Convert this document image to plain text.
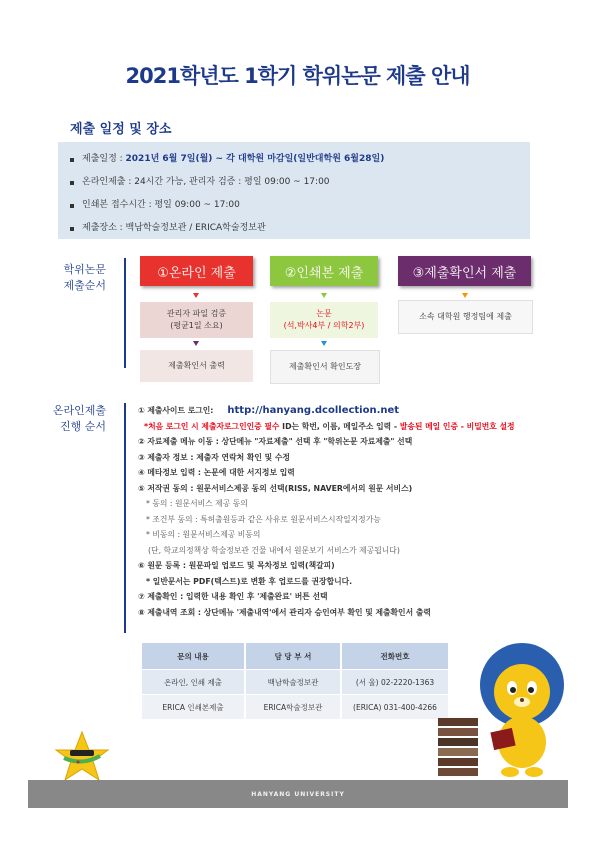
2021학년도 1학기 학위논문 제출 안내
제출 일정 및 장소
제출일정 : 2021년 6월 7일(월) ~ 각 대학원 마감일(일반대학원 6월28일)
온라인제출 : 24시간 가능, 관리자 검증 : 평일 09:00 ~ 17:00
인쇄본 접수시간 : 평일 09:00 ~ 17:00
제출장소 : 백남학술정보관 / ERICA학술정보관
학위논문
제출순서
①온라인 제출	②인쇄본 제출	③제출확인서 제출
관리자 파일 검증
(평균1일 소요)
논문
(석,박사4부 / 의학2부)
소속 대학원 행정팀에 제출
제출확인서 출력	제출확인서 확인도장
온라인제출
진행 순서
① 제출사이트 로그인: http://hanyang.dcollection.net
*처음 로그인 시 제출자로그인인증 필수 ID는 학번, 이름, 메일주소 입력 - 발송된 메일 인증 - 비밀번호 설정
② 자료제출 메뉴 이동 : 상단메뉴 "자료제출" 선택 후 "학위논문 자료제출" 선택
③ 제출자 정보 : 제출자 연락처 확인 및 수정
④ 메타정보 입력 : 논문에 대한 서지정보 입력
⑤ 저작권 동의 : 원문서비스제공 동의 선택(RISS, NAVER에서의 원문 서비스)
* 동의 : 원문서비스 제공 동의
* 조건부 동의 : 특허출원등과 같은 사유로 원문서비스시작일지정가능
* 비동의 : 원문서비스제공 비동의
(단, 학교의정책상 학술정보관 건물 내에서 원문보기 서비스가 제공됩니다)
⑥ 원문 등록 : 원문파일 업로드 및 목차정보 입력(책갈피)
* 일반문서는 PDF(텍스트)로 변환 후 업로드를 권장합니다.
⑦ 제출확인 : 입력한 내용 확인 후 '제출완료' 버튼 선택
⑧ 제출내역 조회 : 상단메뉴 '제출내역'에서 관리자 승인여부 확인 및 제출확인서 출력
문의 내용	담 당 부 서	전화번호
온라인, 인쇄 제출	백남학술정보관	(서 울) 02-2220-1363
ERICA 인쇄본제출	ERICA학술정보관	(ERICA) 031-400-4266
HANYANG UNIVERSITY
